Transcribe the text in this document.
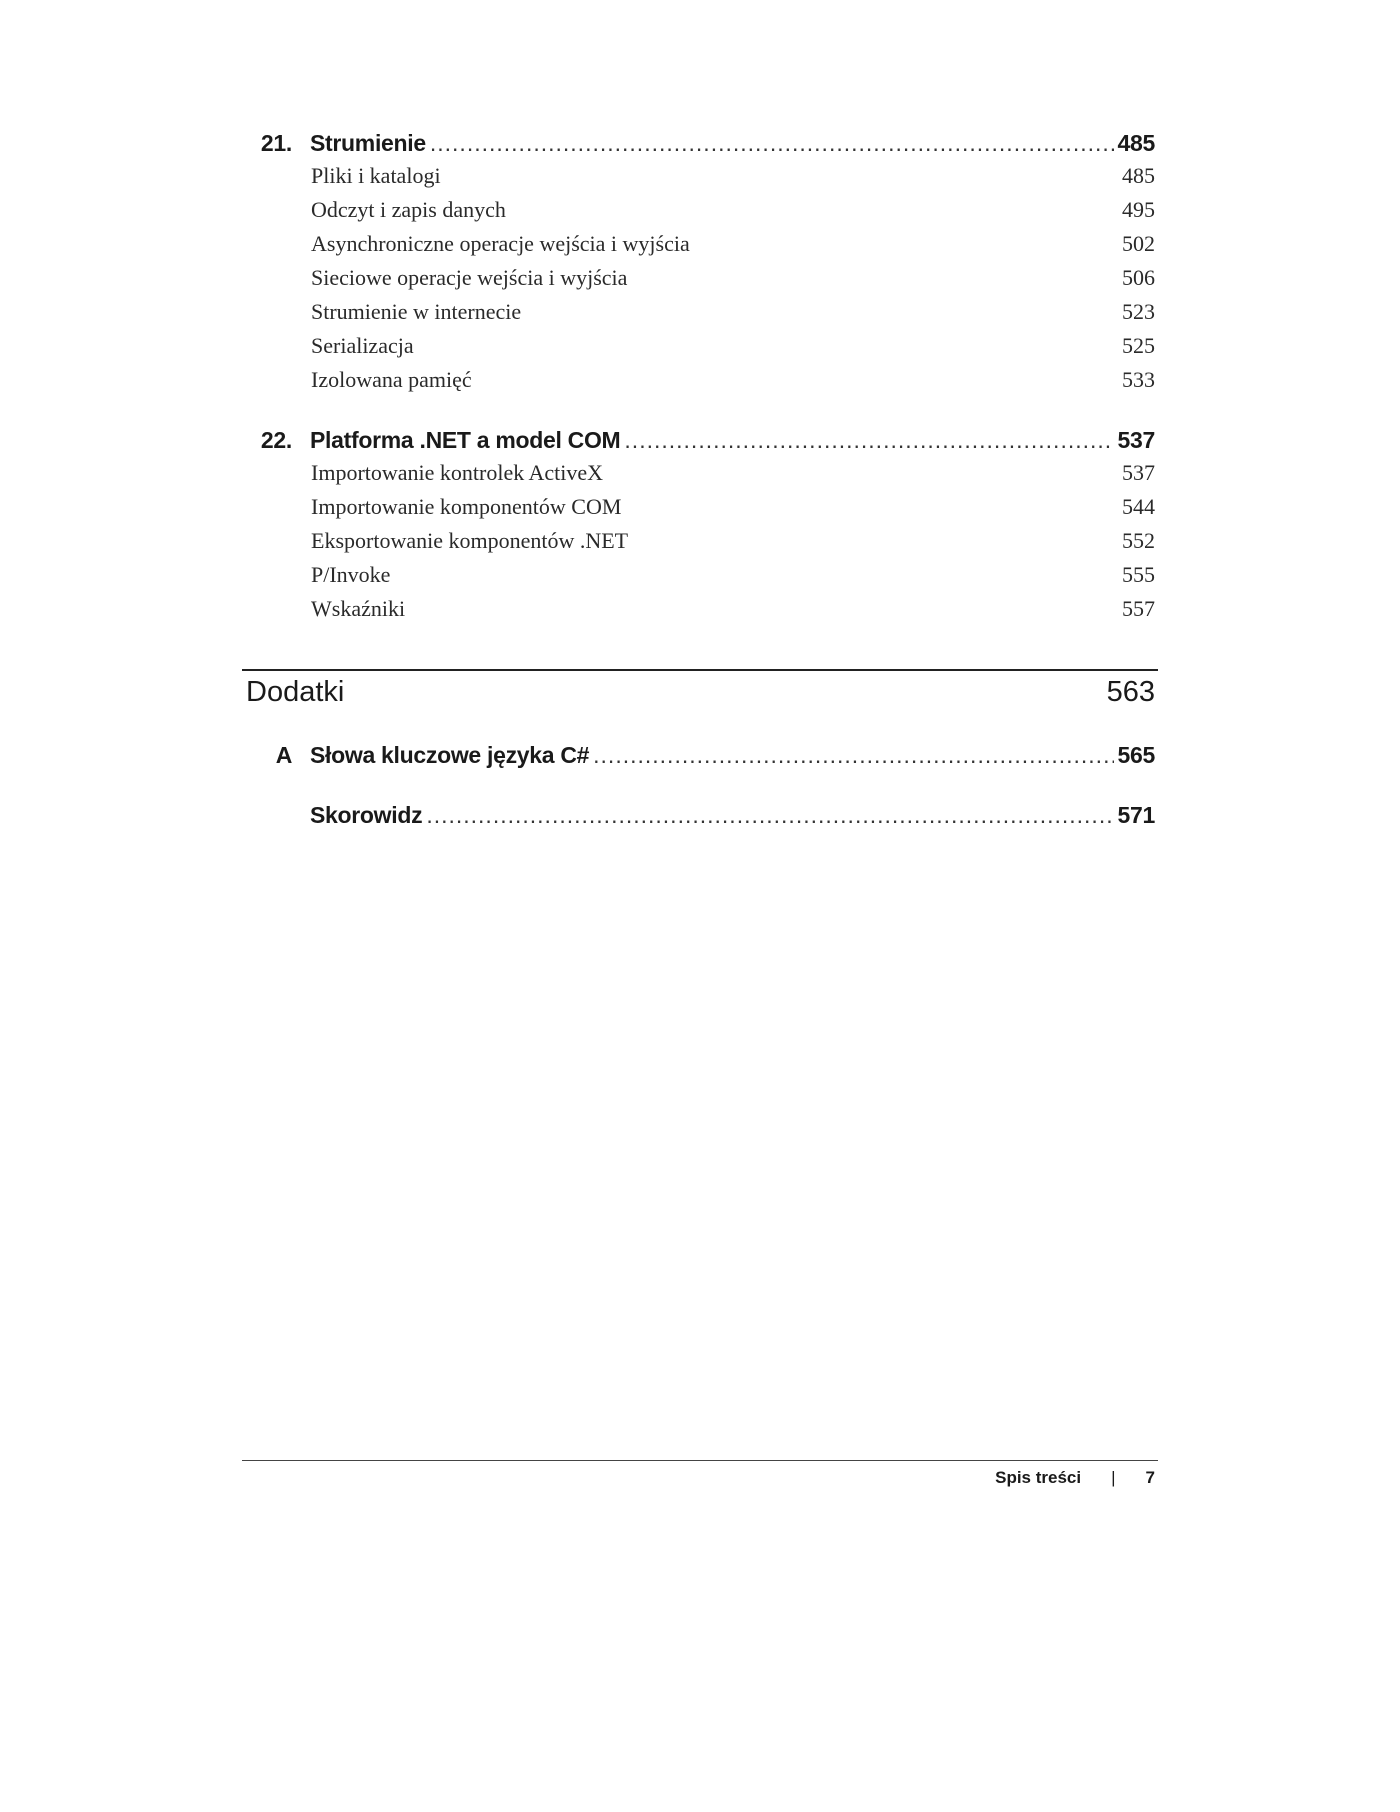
21. Strumienie .....	485
Pliki i katalogi	485
Odczyt i zapis danych	495
Asynchroniczne operacje wejścia i wyjścia	502
Sieciowe operacje wejścia i wyjścia	506
Strumienie w internecie	523
Serializacja	525
Izolowana pamięć	533
22. Platforma .NET a model COM .....	537
Importowanie kontrolek ActiveX	537
Importowanie komponentów COM	544
Eksportowanie komponentów .NET	552
P/Invoke	555
Wskaźniki	557
Dodatki	563
A Słowa kluczowe języka C# .....	565
Skorowidz .....	571
Spis treści | 7
